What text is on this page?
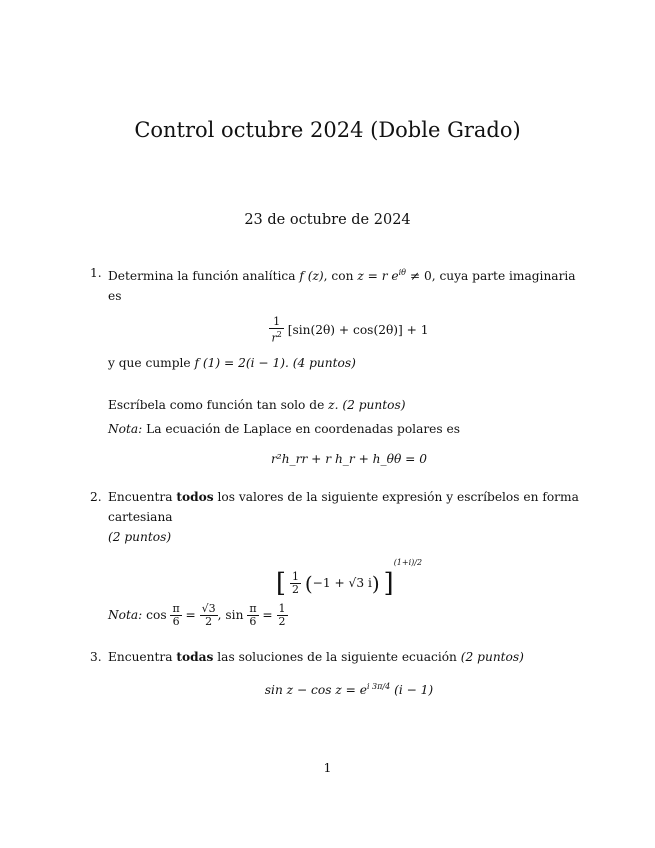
Control octubre 2024 (Doble Grado)
23 de octubre de 2024
1. Determina la función analítica f (z), con z = r $e^{i\theta} \ne 0$, cuya parte imaginaria es
$\frac{1}{r^2} [\sin(2\theta) + \cos(2\theta)] + 1$
y que cumple f (1) = 2(i − 1). (4 puntos)
Escríbela como función tan solo de z. (2 puntos)
Nota: La ecuación de Laplace en coordenadas polares es
r²h_rr + r h_r + h_θθ = 0
2. Encuentra todos los valores de la siguiente expresión y escríbelos en forma cartesiana
(2 puntos)
[ $\frac{1}{2} (-1 + √3$ i) ]$^{(1+i)/2}$
Nota: $\cos \frac{\pi}{6} = \frac{√3}{2}$ , $\sin \frac{\pi}{6} = \frac{1}{2}$
3. Encuentra todas las soluciones de la siguiente ecuación (2 puntos)
$\sin z - \cos z = e^{i 3\pi/4}$ (i − 1)
1
